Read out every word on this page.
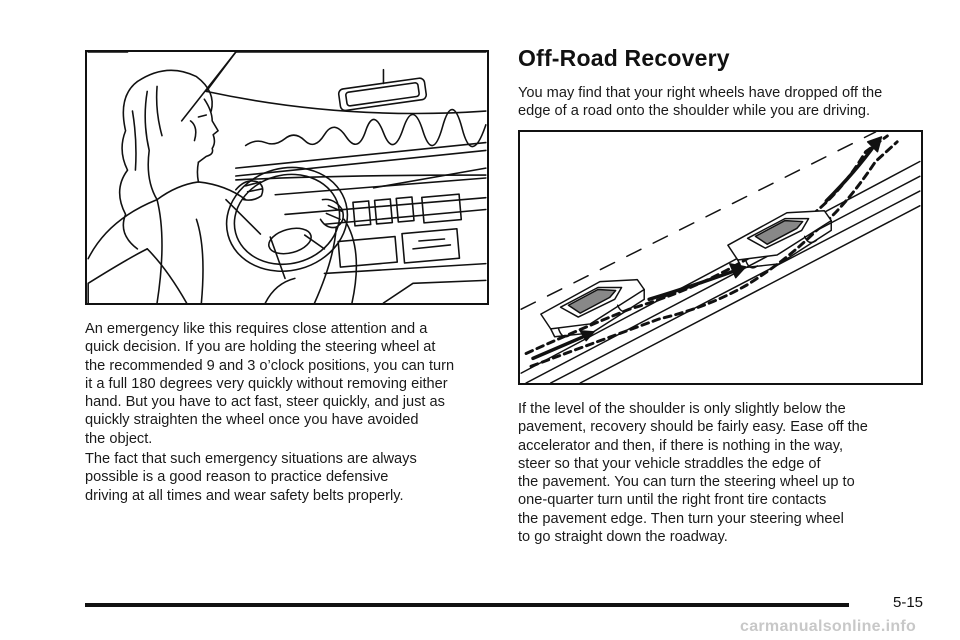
An emergency like this requires close attention and a
quick decision. If you are holding the steering wheel at
the recommended 9 and 3 o’clock positions, you can turn
it a full 180 degrees very quickly without removing either
hand. But you have to act fast, steer quickly, and just as
quickly straighten the wheel once you have avoided
the object.

The fact that such emergency situations are always
possible is a good reason to practice defensive
driving at all times and wear safety belts properly.

Off-Road Recovery

You may find that your right wheels have dropped off the
edge of a road onto the shoulder while you are driving.

If the level of the shoulder is only slightly below the
pavement, recovery should be fairly easy. Ease off the
accelerator and then, if there is nothing in the way,
steer so that your vehicle straddles the edge of
the pavement. You can turn the steering wheel up to
one-quarter turn until the right front tire contacts
the pavement edge. Then turn your steering wheel
to go straight down the roadway.

5-15
carmanualsonline.info
